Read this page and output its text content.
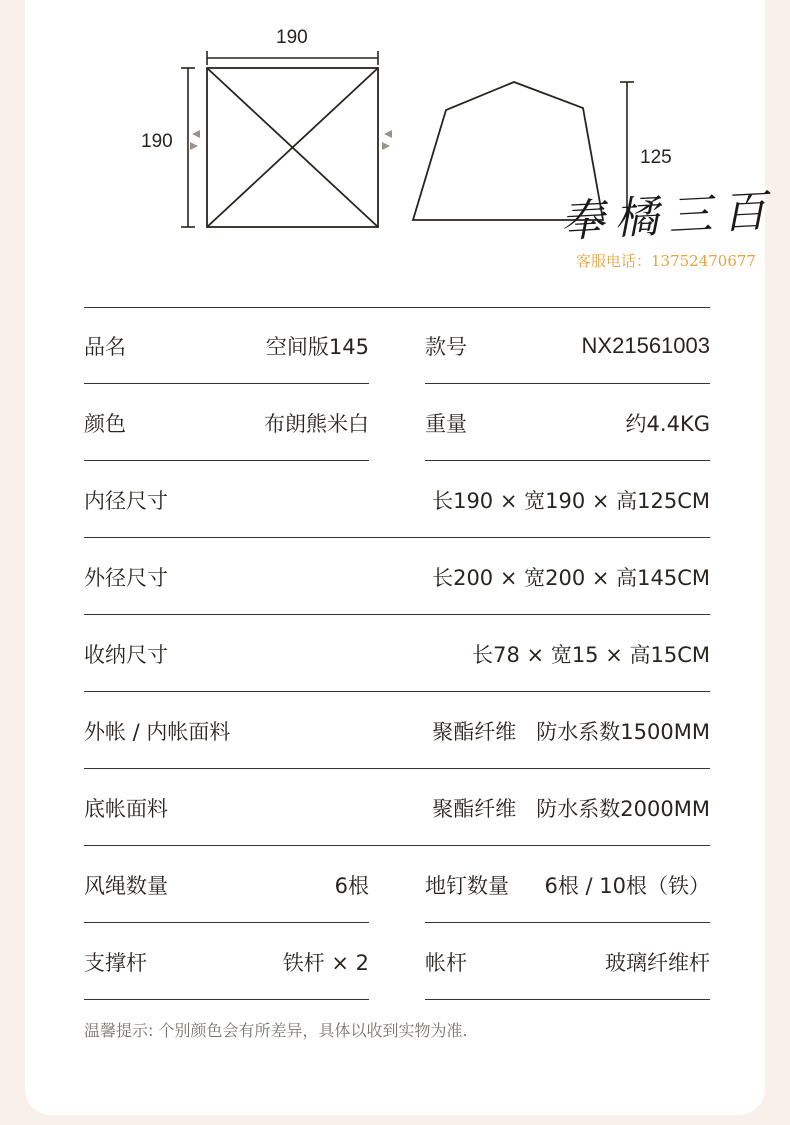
190
190
125
奉橘三百
客服电话：13752470677
品名	空间版145	款号	NX21561003
颜色	布朗熊米白	重量	约4.4KG
内径尺寸	长190 × 宽190 × 高125CM
外径尺寸	长200 × 宽200 × 高145CM
收纳尺寸	长78 × 宽15 × 高15CM
外帐 / 内帐面料	聚酯纤维   防水系数1500MM
底帐面料	聚酯纤维   防水系数2000MM
风绳数量	6根	地钉数量 6根 / 10根（铁）
支撑杆	铁杆 × 2	帐杆	玻璃纤维杆
温馨提示: 个别颜色会有所差异，具体以收到实物为准.
